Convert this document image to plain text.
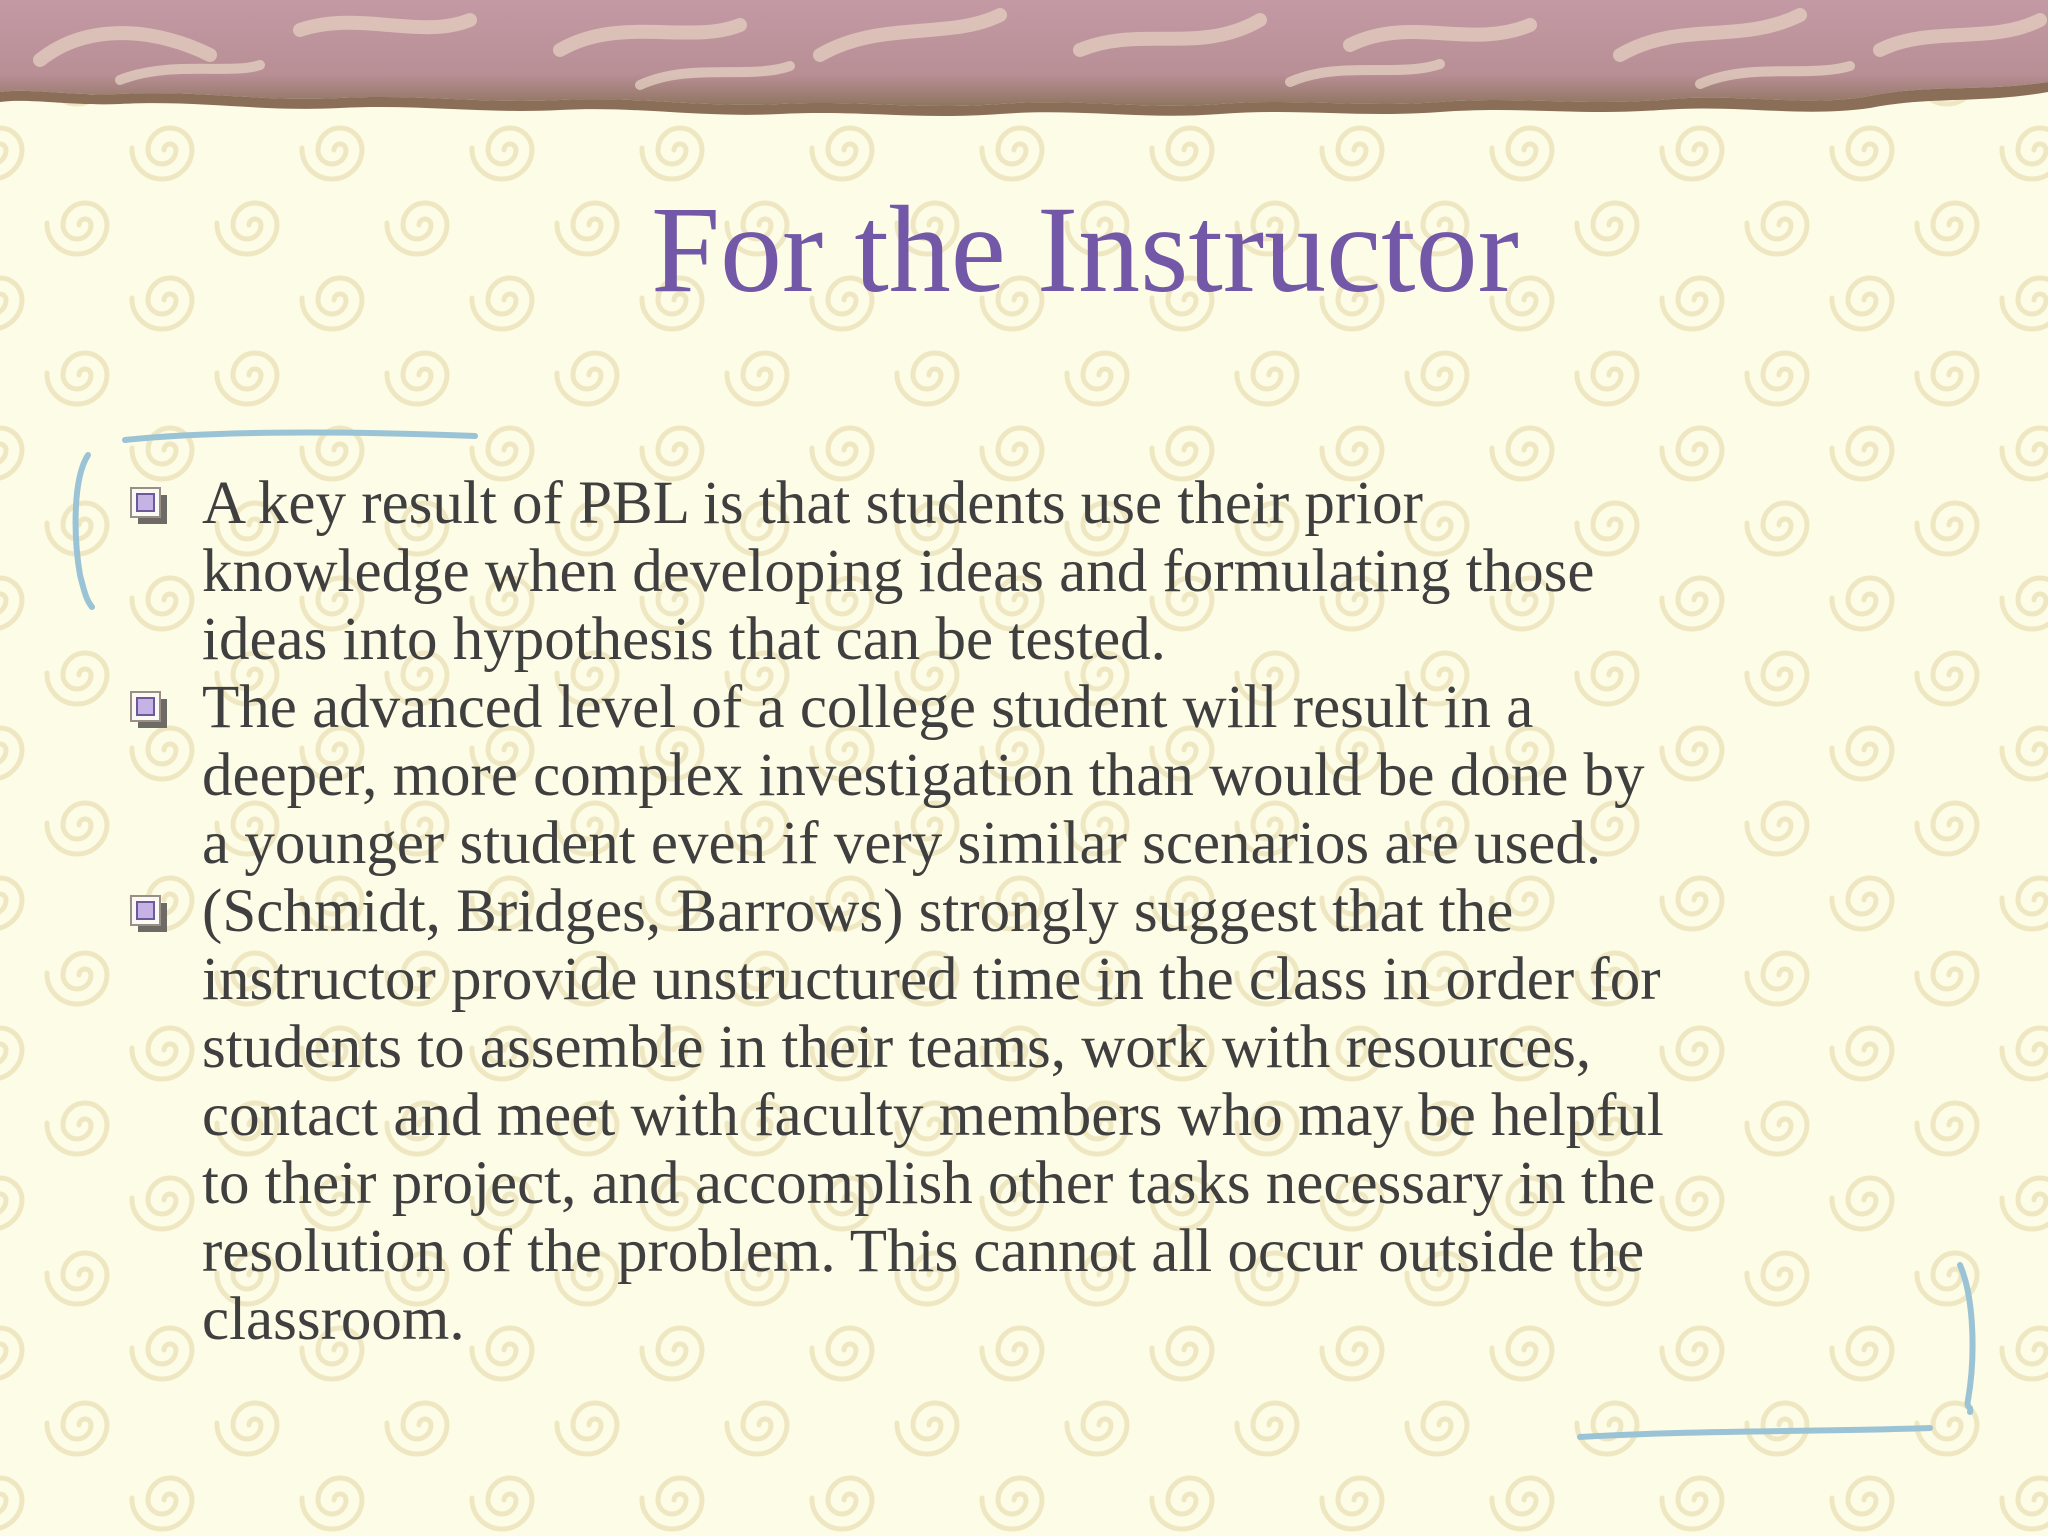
For the Instructor
A key result of PBL is that students use their prior
knowledge when developing ideas and formulating those
ideas into hypothesis that can be tested.
The advanced level of a college student will result in a
deeper, more complex investigation than would be done by
a younger student even if very similar scenarios are used.
(Schmidt, Bridges, Barrows) strongly suggest that the
instructor provide unstructured time in the class in order for
students to assemble in their teams, work with resources,
contact and meet with faculty members who may be helpful
to their project, and accomplish other tasks necessary in the
resolution of the problem. This cannot all occur outside the
classroom.
